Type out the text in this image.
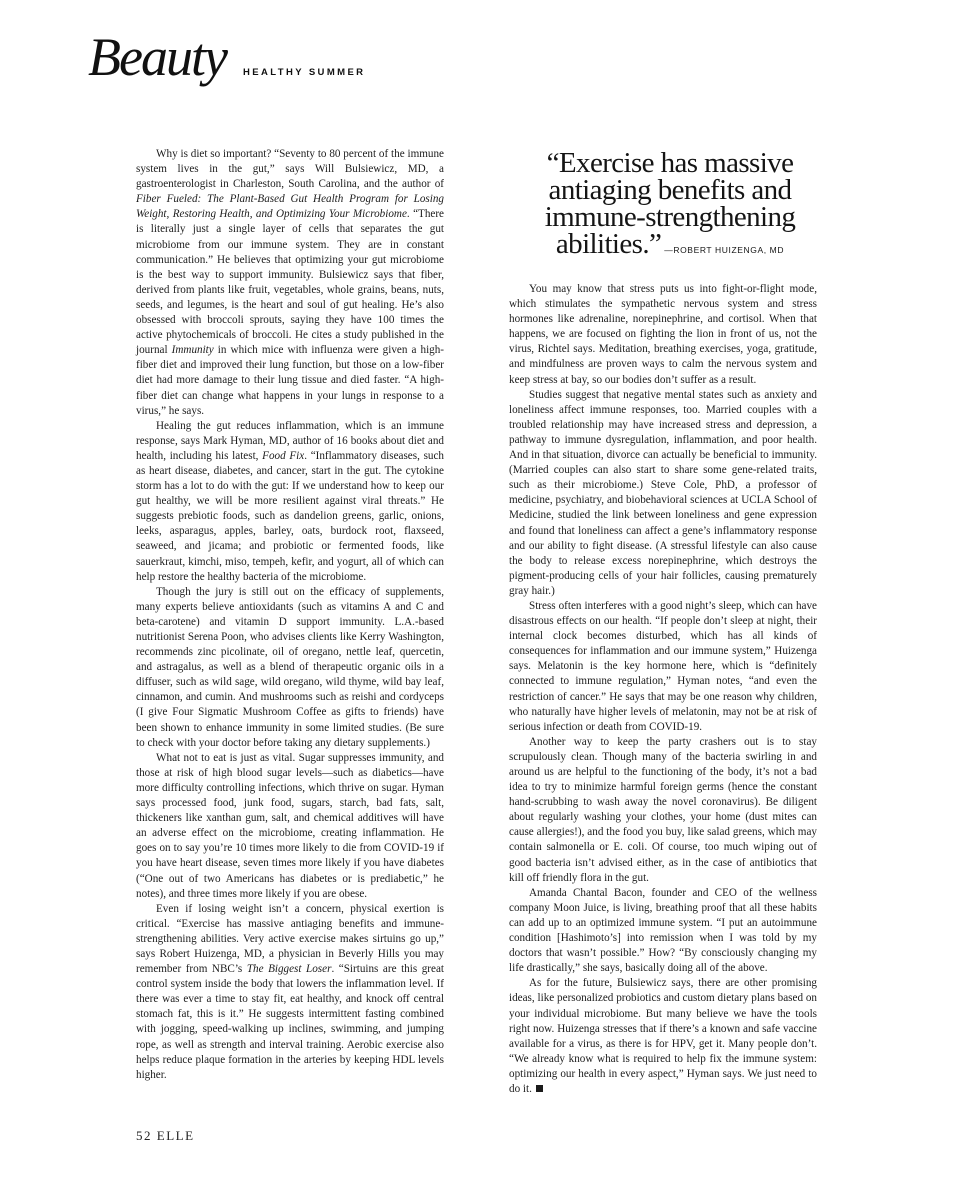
Beauty HEALTHY SUMMER

Why is diet so important? “Seventy to 80 percent of the immune system lives in the gut,” says Will Bulsiewicz, MD, a gastroenterologist in Charleston, South Carolina, and the author of Fiber Fueled: The Plant-Based Gut Health Program for Losing Weight, Restoring Health, and Optimizing Your Microbiome. “There is literally just a single layer of cells that separates the gut microbiome from our immune system. They are in constant communication.” He believes that optimizing your gut microbiome is the best way to support immunity. Bulsiewicz says that fiber, derived from plants like fruit, vegetables, whole grains, beans, nuts, seeds, and legumes, is the heart and soul of gut healing. He’s also obsessed with broccoli sprouts, saying they have 100 times the active phytochemicals of broccoli. He cites a study published in the journal Immunity in which mice with influenza were given a high-fiber diet and improved their lung function, but those on a low-fiber diet had more damage to their lung tissue and died faster. “A high-fiber diet can change what happens in your lungs in response to a virus,” he says.

Healing the gut reduces inflammation, which is an immune response, says Mark Hyman, MD, author of 16 books about diet and health, including his latest, Food Fix. “Inflammatory diseases, such as heart disease, diabetes, and cancer, start in the gut. The cytokine storm has a lot to do with the gut: If we understand how to keep our gut healthy, we will be more resilient against viral threats.” He suggests prebiotic foods, such as dandelion greens, garlic, onions, leeks, asparagus, apples, barley, oats, burdock root, flaxseed, seaweed, and jicama; and probiotic or fermented foods, like sauerkraut, kimchi, miso, tempeh, kefir, and yogurt, all of which can help restore the healthy bacteria of the microbiome.

Though the jury is still out on the efficacy of supplements, many experts believe antioxidants (such as vitamins A and C and beta-carotene) and vitamin D support immunity. L.A.-based nutritionist Serena Poon, who advises clients like Kerry Washington, recommends zinc picolinate, oil of oregano, nettle leaf, quercetin, and astragalus, as well as a blend of therapeutic organic oils in a diffuser, such as wild sage, wild oregano, wild thyme, wild bay leaf, cinnamon, and cumin. And mushrooms such as reishi and cordyceps (I give Four Sigmatic Mushroom Coffee as gifts to friends) have been shown to enhance immunity in some limited studies. (Be sure to check with your doctor before taking any dietary supplements.)

What not to eat is just as vital. Sugar suppresses immunity, and those at risk of high blood sugar levels—such as diabetics—have more difficulty controlling infections, which thrive on sugar. Hyman says processed food, junk food, sugars, starch, bad fats, salt, thickeners like xanthan gum, salt, and chemical additives will have an adverse effect on the microbiome, creating inflammation. He goes on to say you’re 10 times more likely to die from COVID-19 if you have heart disease, seven times more likely if you have diabetes (“One out of two Americans has diabetes or is prediabetic,” he notes), and three times more likely if you are obese.

Even if losing weight isn’t a concern, physical exertion is critical. “Exercise has massive antiaging benefits and immune-strengthening abilities. Very active exercise makes sirtuins go up,” says Robert Huizenga, MD, a physician in Beverly Hills you may remember from NBC’s The Biggest Loser. “Sirtuins are this great control system inside the body that lowers the inflammation level. If there was ever a time to stay fit, eat healthy, and knock off central stomach fat, this is it.” He suggests intermittent fasting combined with jogging, speed-walking up inclines, swimming, and jumping rope, as well as strength and interval training. Aerobic exercise also helps reduce plaque formation in the arteries by keeping HDL levels higher.

“Exercise has massive antiaging benefits and immune-strengthening abilities.” —ROBERT HUIZENGA, MD

You may know that stress puts us into fight-or-flight mode, which stimulates the sympathetic nervous system and stress hormones like adrenaline, norepinephrine, and cortisol. When that happens, we are focused on fighting the lion in front of us, not the virus, Richtel says. Meditation, breathing exercises, yoga, gratitude, and mindfulness are proven ways to calm the nervous system and keep stress at bay, so our bodies don’t suffer as a result.

Studies suggest that negative mental states such as anxiety and loneliness affect immune responses, too. Married couples with a troubled relationship may have increased stress and depression, a pathway to immune dysregulation, inflammation, and poor health. And in that situation, divorce can actually be beneficial to immunity. (Married couples can also start to share some gene-related traits, such as their microbiome.) Steve Cole, PhD, a professor of medicine, psychiatry, and biobehavioral sciences at UCLA School of Medicine, studied the link between loneliness and gene expression and found that loneliness can affect a gene’s inflammatory response and our ability to fight disease. (A stressful lifestyle can also cause the body to release excess norepinephrine, which destroys the pigment-producing cells of your hair follicles, causing prematurely gray hair.)

Stress often interferes with a good night’s sleep, which can have disastrous effects on our health. “If people don’t sleep at night, their internal clock becomes disturbed, which has all kinds of consequences for inflammation and our immune system,” Huizenga says. Melatonin is the key hormone here, which is “definitely connected to immune regulation,” Hyman notes, “and even the restriction of cancer.” He says that may be one reason why children, who naturally have higher levels of melatonin, may not be at risk of serious infection or death from COVID-19.

Another way to keep the party crashers out is to stay scrupulously clean. Though many of the bacteria swirling in and around us are helpful to the functioning of the body, it’s not a bad idea to try to minimize harmful foreign germs (hence the constant hand-scrubbing to wash away the novel coronavirus). Be diligent about regularly washing your clothes, your home (dust mites can cause allergies!), and the food you buy, like salad greens, which may contain salmonella or E. coli. Of course, too much wiping out of good bacteria isn’t advised either, as in the case of antibiotics that kill off friendly flora in the gut.

Amanda Chantal Bacon, founder and CEO of the wellness company Moon Juice, is living, breathing proof that all these habits can add up to an optimized immune system. “I put an autoimmune condition [Hashimoto’s] into remission when I was told by my doctors that wasn’t possible.” How? “By consciously changing my life drastically,” she says, basically doing all of the above.

As for the future, Bulsiewicz says, there are other promising ideas, like personalized probiotics and custom dietary plans based on your individual microbiome. But many believe we have the tools right now. Huizenga stresses that if there’s a known and safe vaccine available for a virus, as there is for HPV, get it. Many people don’t. “We already know what is required to help fix the immune system: optimizing our health in every aspect,” Hyman says. We just need to do it.

52 ELLE
